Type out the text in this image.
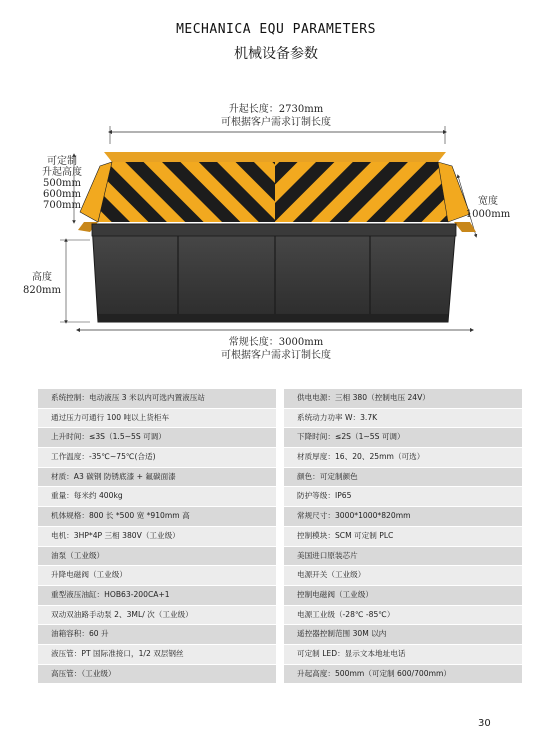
MECHANICA EQU PARAMETERS
机械设备参数
升起长度：2730mm
可根据客户需求订制长度
可定制
升起高度
500mm
600mm
700mm
高度
820mm
宽度
1000mm
常规长度：3000mm
可根据客户需求订制长度
系统控制：电动液压 3 米以内可选内置液压站	供电电源：三相 380（控制电压 24V）
通过压力可通行 100 吨以上货柜车	系统动力功率 W：3.7K
上升时间：≤3S（1.5~5S 可调）	下降时间：≤2S（1~5S 可调）
工作温度：-35℃~75℃(合适)	材质厚度：16、20、25mm（可选）
材质：A3 碳钢 防锈底漆 + 氟碳面漆	颜色：可定制颜色
重量：每米约 400kg	防护等级：IP65
机体规格：800 长 *500 宽 *910mm 高	常规尺寸：3000*1000*820mm
电机：3HP*4P 三相 380V（工业级）	控制模块：SCM 可定制 PLC
油泵（工业级）	美国进口原装芯片
升降电磁阀（工业级）	电源开关（工业级）
重型液压油缸：HOB63-200CA+1	控制电磁阀（工业级）
双动双油路手动泵 2、3ML/ 次（工业级）	电源工业级（-28℃ -85℃）
油箱容积：60 升	遥控器控制范围 30M 以内
液压管：PT 国际准接口，1/2 双层钢丝	可定制 LED：显示文本地址电话
高压管：（工业级）	升起高度：500mm（可定制 600/700mm）
30
